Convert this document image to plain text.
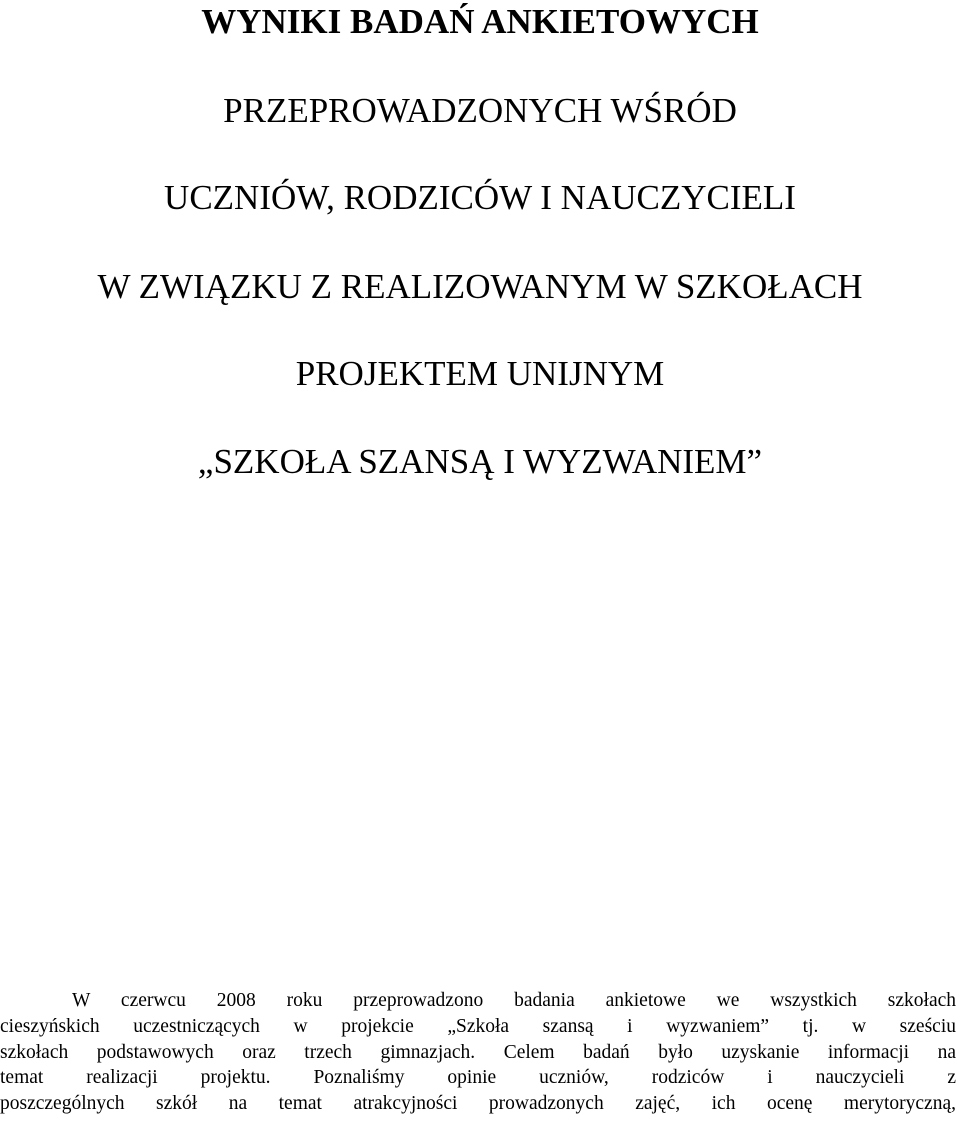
WYNIKI BADAŃ ANKIETOWYCH
PRZEPROWADZONYCH WŚRÓD
UCZNIÓW, RODZICÓW I NAUCZYCIELI
W ZWIĄZKU Z REALIZOWANYM W SZKOŁACH
PROJEKTEM UNIJNYM
„SZKOŁA SZANSĄ I WYZWANIEM”
W czerwcu 2008 roku przeprowadzono badania ankietowe we wszystkich szkołach
cieszyńskich uczestniczących w projekcie „Szkoła szansą i wyzwaniem” tj. w sześciu
szkołach podstawowych oraz trzech gimnazjach. Celem badań było uzyskanie informacji na
temat realizacji projektu. Poznaliśmy opinie uczniów, rodziców i nauczycieli z
poszczególnych szkół na temat atrakcyjności prowadzonych zajęć, ich ocenę merytoryczną,
